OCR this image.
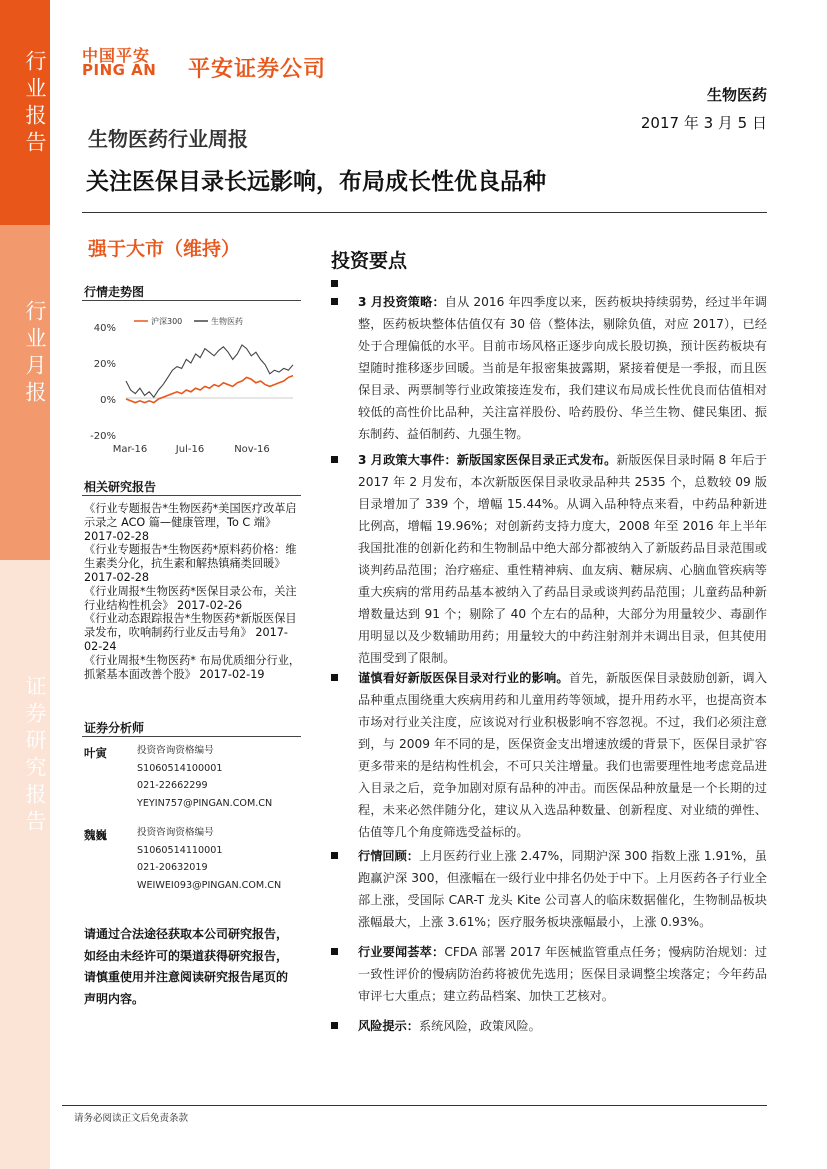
行业报告
行业月报
证券研究报告
中国平安
PING AN 平安证券公司
生物医药
2017 年 3 月 5 日
生物医药行业周报
关注医保目录长远影响，布局成长性优良品种
强于大市（维持）
行情走势图
40%
20%
0%
-20%
Mar-16	Jul-16	Nov-16
沪深300	生物医药
相关研究报告
《行业专题报告*生物医药*美国医疗改革启示录之 ACO 篇—健康管理，To C 端》 2017-02-28
《行业专题报告*生物医药*原料药价格：维生素类分化，抗生素和解热镇痛类回暖》 2017-02-28
《行业周报*生物医药*医保目录公布，关注行业结构性机会》 2017-02-26
《行业动态跟踪报告*生物医药*新版医保目录发布，吹响制药行业反击号角》 2017-02-24
《行业周报*生物医药* 布局优质细分行业，抓紧基本面改善个股》 2017-02-19
证券分析师
叶寅	投资咨询资格编号
S1060514100001
021-22662299
YEYIN757@PINGAN.COM.CN
魏巍	投资咨询资格编号
S1060514110001
021-20632019
WEIWEI093@PINGAN.COM.CN
请通过合法途径获取本公司研究报告，如经由未经许可的渠道获得研究报告，请慎重使用并注意阅读研究报告尾页的声明内容。
投资要点
3 月投资策略：自从 2016 年四季度以来，医药板块持续弱势，经过半年调整，医药板块整体估值仅有 30 倍（整体法，剔除负值，对应 2017），已经处于合理偏低的水平。目前市场风格正逐步向成长股切换，预计医药板块有望随时推移逐步回暖。当前是年报密集披露期，紧接着便是一季报，而且医保目录、两票制等行业政策接连发布，我们建议布局成长性优良而估值相对较低的高性价比品种，关注富祥股份、哈药股份、华兰生物、健民集团、振东制药、益佰制药、九强生物。
3 月政策大事件：新版国家医保目录正式发布。新版医保目录时隔 8 年后于 2017 年 2 月发布，本次新版医保目录收录品种共 2535 个，总数较 09 版目录增加了 339 个，增幅 15.44%。从调入品种特点来看，中药品种新进比例高，增幅 19.96%；对创新药支持力度大，2008 年至 2016 年上半年我国批准的创新化药和生物制品中绝大部分都被纳入了新版药品目录范围或谈判药品范围；治疗癌症、重性精神病、血友病、糖尿病、心脑血管疾病等重大疾病的常用药品基本被纳入了药品目录或谈判药品范围；儿童药品种新增数量达到 91 个；剔除了 40 个左右的品种，大部分为用量较少、毒副作用明显以及少数辅助用药；用量较大的中药注射剂并未调出目录，但其使用范围受到了限制。
谨慎看好新版医保目录对行业的影响。首先，新版医保目录鼓励创新，调入品种重点围绕重大疾病用药和儿童用药等领域，提升用药水平，也提高资本市场对行业关注度，应该说对行业积极影响不容忽视。不过，我们必须注意到，与 2009 年不同的是，医保资金支出增速放缓的背景下，医保目录扩容更多带来的是结构性机会，不可只关注增量。我们也需要理性地考虑竞品进入目录之后，竞争加剧对原有品种的冲击。而医保品种放量是一个长期的过程，未来必然伴随分化，建议从入选品种数量、创新程度、对业绩的弹性、估值等几个角度筛选受益标的。
行情回顾：上月医药行业上涨 2.47%，同期沪深 300 指数上涨 1.91%，虽跑赢沪深 300，但涨幅在一级行业中排名仍处于中下。上月医药各子行业全部上涨，受国际 CAR-T 龙头 Kite 公司喜人的临床数据催化，生物制品板块涨幅最大，上涨 3.61%；医疗服务板块涨幅最小，上涨 0.93%。
行业要闻荟萃：CFDA 部署 2017 年医械监管重点任务；慢病防治规划：过一致性评价的慢病防治药将被优先选用；医保目录调整尘埃落定；今年药品审评七大重点；建立药品档案、加快工艺核对。
风险提示：系统风险，政策风险。
请务必阅读正文后免责条款
